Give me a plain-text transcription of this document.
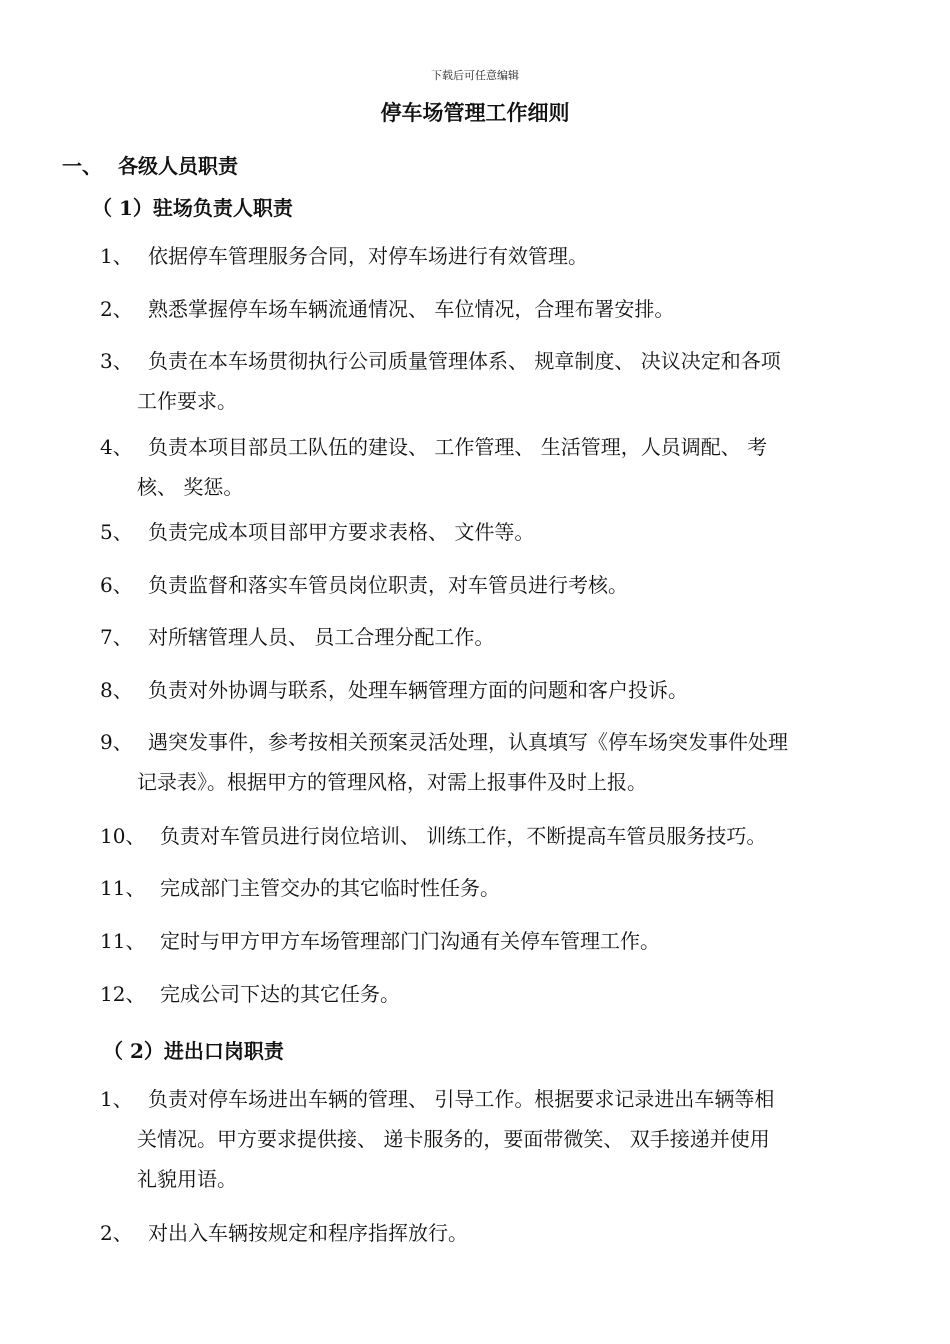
下载后可任意编辑
停车场管理工作细则
一、 各级人员职责
（ 1）驻场负责人职责
1、 依据停车管理服务合同，对停车场进行有效管理。
2、 熟悉掌握停车场车辆流通情况、 车位情况，合理布署安排。
3、 负责在本车场贯彻执行公司质量管理体系、 规章制度、 决议决定和各项
工作要求。
4、 负责本项目部员工队伍的建设、 工作管理、 生活管理，人员调配、 考
核、 奖惩。
5、 负责完成本项目部甲方要求表格、 文件等。
6、 负责监督和落实车管员岗位职责，对车管员进行考核。
7、 对所辖管理人员、 员工合理分配工作。
8、 负责对外协调与联系，处理车辆管理方面的问题和客户投诉。
9、 遇突发事件，参考按相关预案灵活处理，认真填写《停车场突发事件处理
记录表》。根据甲方的管理风格，对需上报事件及时上报。
10、 负责对车管员进行岗位培训、 训练工作，不断提高车管员服务技巧。
11、 完成部门主管交办的其它临时性任务。
11、 定时与甲方甲方车场管理部门门沟通有关停车管理工作。
12、 完成公司下达的其它任务。
（ 2）进出口岗职责
1、 负责对停车场进出车辆的管理、 引导工作。根据要求记录进出车辆等相
关情况。甲方要求提供接、 递卡服务的，要面带微笑、 双手接递并使用
礼貌用语。
2、 对出入车辆按规定和程序指挥放行。
